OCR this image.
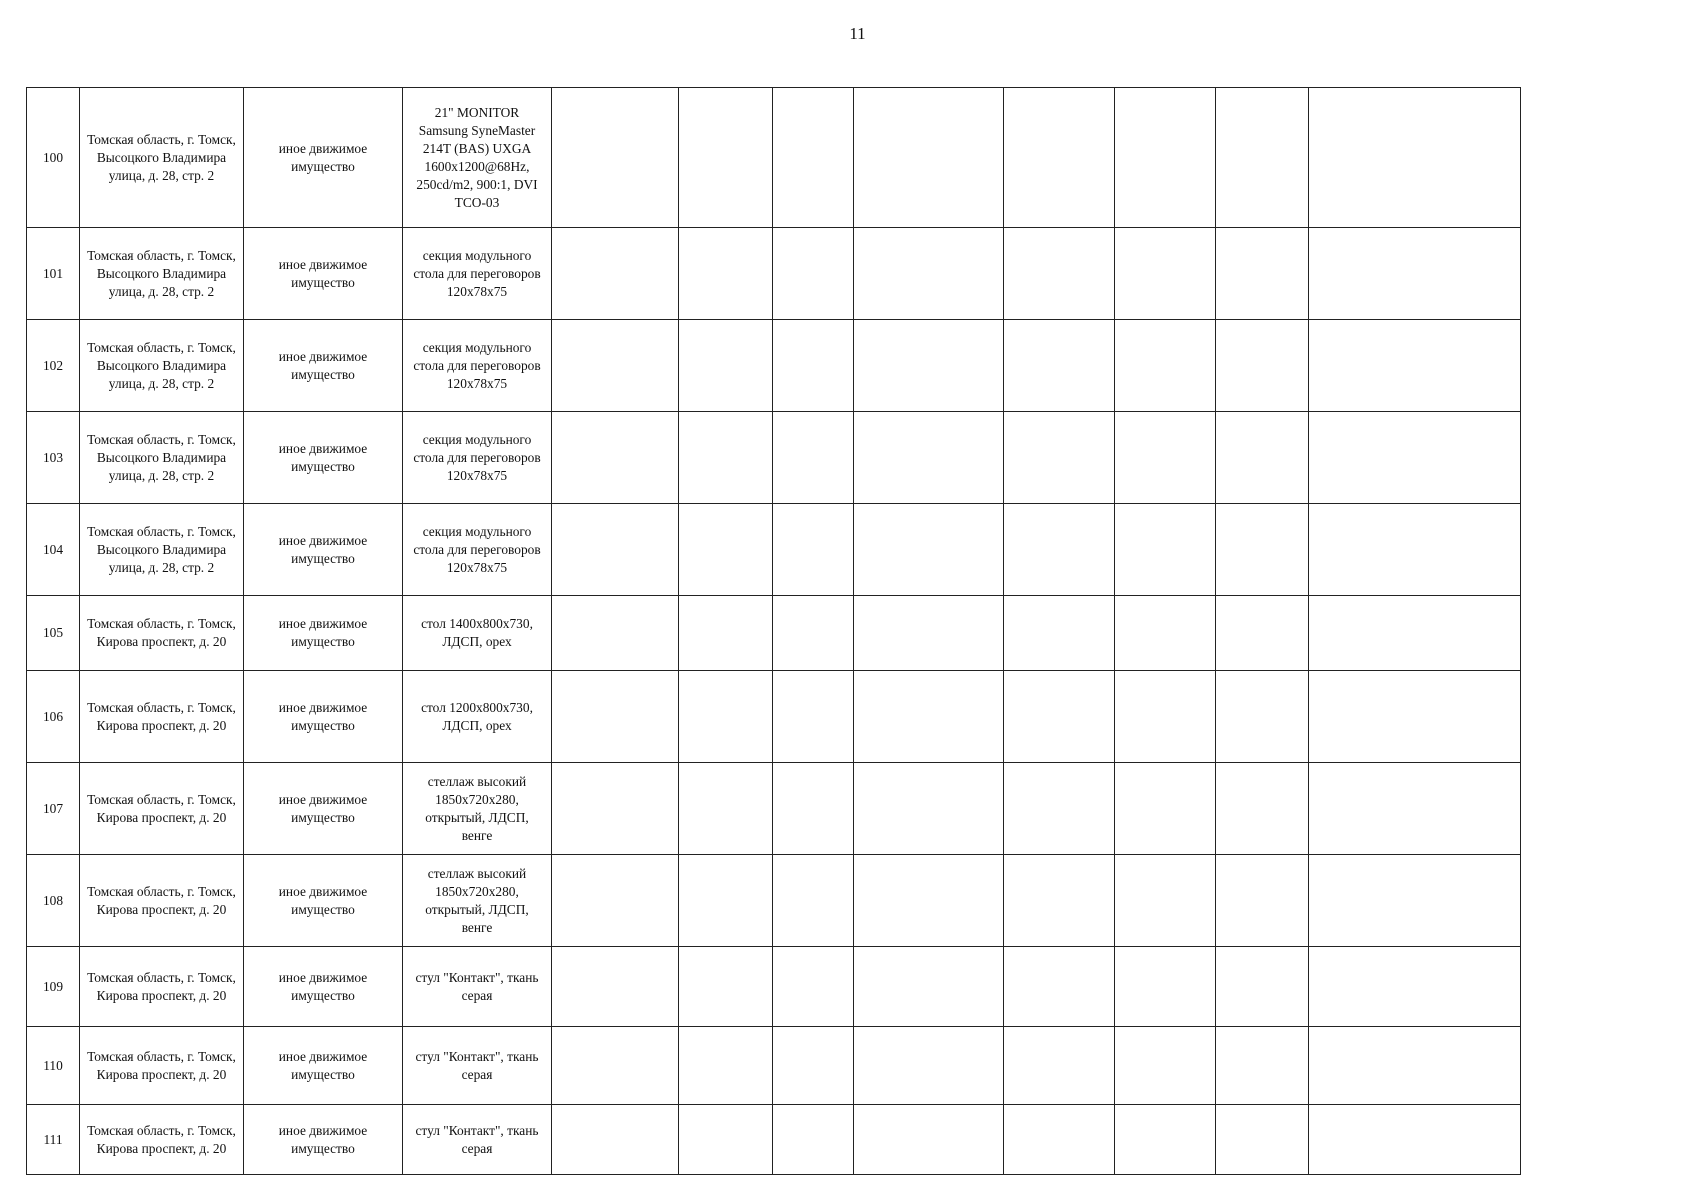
11
100	Томская область, г. Томск, Высоцкого Владимира улица, д. 28, стр. 2	иное движимое имущество	21" MONITOR Samsung SyneMaster 214T (BAS) UXGA 1600x1200@68Hz, 250cd/m2, 900:1, DVI TCO-03								
101	Томская область, г. Томск, Высоцкого Владимира улица, д. 28, стр. 2	иное движимое имущество	секция модульного стола для переговоров 120х78х75								
102	Томская область, г. Томск, Высоцкого Владимира улица, д. 28, стр. 2	иное движимое имущество	секция модульного стола для переговоров 120х78х75								
103	Томская область, г. Томск, Высоцкого Владимира улица, д. 28, стр. 2	иное движимое имущество	секция модульного стола для переговоров 120х78х75								
104	Томская область, г. Томск, Высоцкого Владимира улица, д. 28, стр. 2	иное движимое имущество	секция модульного стола для переговоров 120х78х75								
105	Томская область, г. Томск, Кирова проспект, д. 20	иное движимое имущество	стол 1400х800х730, ЛДСП, орех								
106	Томская область, г. Томск, Кирова проспект, д. 20	иное движимое имущество	стол 1200х800х730, ЛДСП, орех								
107	Томская область, г. Томск, Кирова проспект, д. 20	иное движимое имущество	стеллаж высокий 1850х720х280, открытый, ЛДСП, венге								
108	Томская область, г. Томск, Кирова проспект, д. 20	иное движимое имущество	стеллаж высокий 1850х720х280, открытый, ЛДСП, венге								
109	Томская область, г. Томск, Кирова проспект, д. 20	иное движимое имущество	стул "Контакт", ткань серая								
110	Томская область, г. Томск, Кирова проспект, д. 20	иное движимое имущество	стул "Контакт", ткань серая								
111	Томская область, г. Томск, Кирова проспект, д. 20	иное движимое имущество	стул "Контакт", ткань серая								
